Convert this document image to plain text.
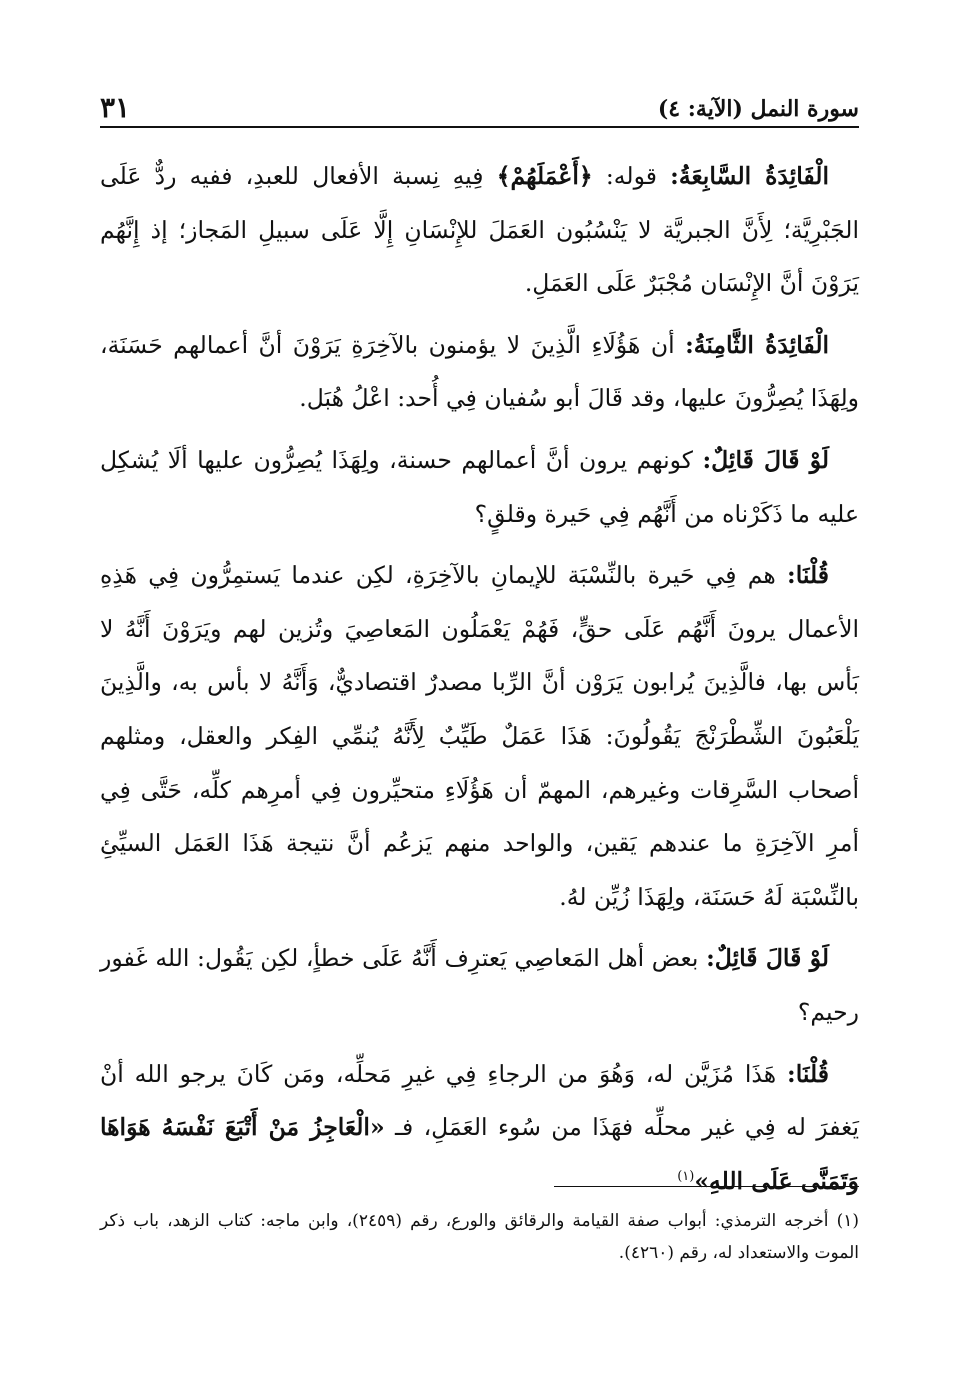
سورة النمل (الآية: ٤)
٣١

الْفَائِدَةُ السَّابِعَةُ: قوله: ﴿أَعْمَلَهُمْ﴾ فِيهِ نِسبة الأفعال للعبدِ، ففيه ردٌّ عَلَى الجَبْرِيَّة؛ لِأَنَّ الجبريَّة لا يَنْسُبُون العَمَلَ للإِنْسَانِ إِلَّا عَلَى سبيلِ المَجاز؛ إذ إِنَّهُم يَرَوْنَ أنَّ الإِنْسَان مُجْبَرٌ عَلَى العَمَلِ.

الْفَائِدَةُ الثَّامِنَةُ: أن هَؤُلَاءِ الَّذِينَ لا يؤمنون بالآخِرَةِ يَرَوْنَ أنَّ أعمالهم حَسَنَة، ولِهَذَا يُصِرُّونَ عليها، وقد قَالَ أبو سُفيان فِي أُحد: اعْلُ هُبَل.

لَوْ قَالَ قَائِلٌ: كونهم يرون أنَّ أعمالهم حسنة، ولِهَذَا يُصِرُّون عليها ألَا يُشكِل عليه ما ذَكَرْناه من أَنَّهُم فِي حَيرة وقلقٍ؟

قُلْنَا: هم فِي حَيرة بالنِّسْبَة للإيمانِ بالآخِرَةِ، لكِن عندما يَستمِرُّون فِي هَذِهِ الأعمال يرونَ أَنَّهُم عَلَى حقٍّ، فَهُمْ يَعْمَلُون المَعاصِيَ وتُزين لهم ويَرَوْنَ أَنَّهُ لا بَأس بها، فالَّذِينَ يُرابون يَرَوْن أنَّ الرِّبا مصدرٌ اقتصاديٌّ، وَأَنَّهُ لا بأس به، والَّذِينَ يَلْعَبُونَ الشِّطْرَنْجَ يَقُولُونَ: هَذَا عَمَلٌ طَيِّبٌ لِأَنَّهُ يُنمِّي الفِكر والعقل، ومثلهم أصحاب السَّرِقات وغيرهم، المهمّ أن هَؤُلَاءِ متحيِّرون فِي أمرِهم كلِّه، حَتَّى فِي أمرِ الآخِرَةِ ما عندهم يَقين، والواحد منهم يَزعُم أنَّ نتيجة هَذَا العَمَل السيِّئِ بالنِّسْبَة لَهُ حَسَنَة، ولِهَذَا زُيِّن لهُ.

لَوْ قَالَ قَائِلٌ: بعض أهل المَعاصِي يَعترِف أَنَّهُ عَلَى خطأٍ، لكِن يَقُول: الله غَفور رحيم؟

قُلْنَا: هَذَا مُزَيَّن له، وَهُوَ من الرجاءِ فِي غيرِ مَحلِّه، ومَن كَانَ يرجو الله أنْ يَغفرَ له فِي غير محلِّه فهَذَا من سُوء العَمَلِ، فـ «الْعَاجِزُ مَنْ أَتْبَعَ نَفْسَهُ هَوَاهَا وَتَمَنَّى عَلَى اللهِ»$^{(١)}$

(١) أخرجه الترمذي: أبواب صفة القيامة والرقائق والورع، رقم (٢٤٥٩)، وابن ماجه: كتاب الزهد، باب ذكر الموت والاستعداد له، رقم (٤٢٦٠).
